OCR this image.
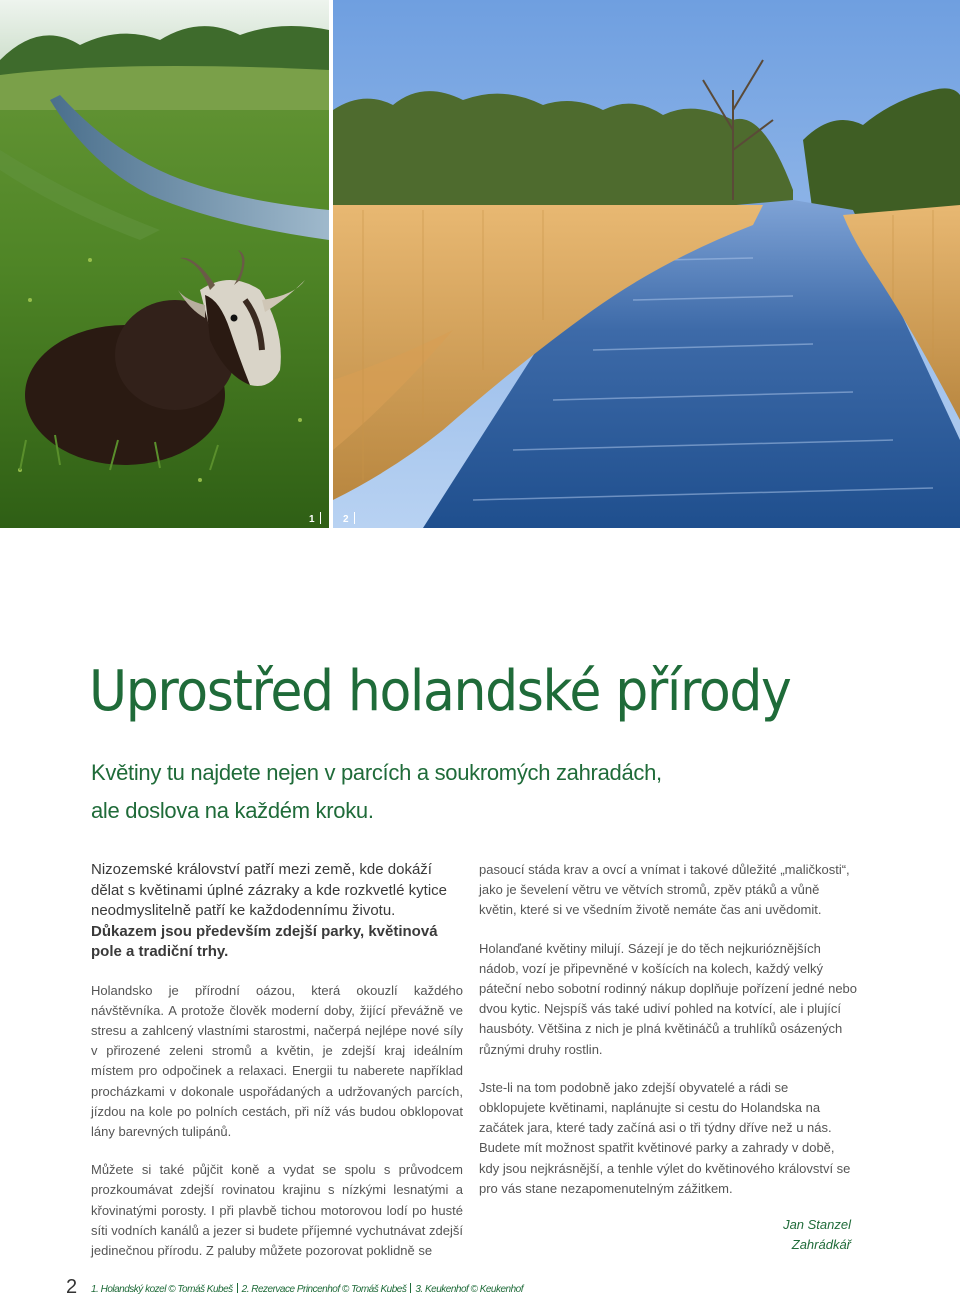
1	2
Uprostřed holandské přírody
Květiny tu najdete nejen v parcích a soukromých zahradách,
ale doslova na každém kroku.

Nizozemské království patří mezi země, kde dokáží dělat s květinami úplné zázraky a kde rozkvetlé kytice neodmyslitelně patří ke každodennímu životu. Důkazem jsou především zdejší parky, květinová pole a tradiční trhy.

Holandsko je přírodní oázou, která okouzlí každého návštěvníka. A protože člověk moderní doby, žijící převážně ve stresu a zahlcený vlastními starostmi, načerpá nejlépe nové síly v přirozené zeleni stromů a květin, je zdejší kraj ideálním místem pro odpočinek a relaxaci. Energii tu naberete například procházkami v dokonale uspořádaných a udržovaných parcích, jízdou na kole po polních cestách, při níž vás budou obklopovat lány barevných tulipánů.

Můžete si také půjčit koně a vydat se spolu s průvodcem prozkoumávat zdejší rovinatou krajinu s nízkými lesnatými a křovinatými porosty. I při plavbě tichou motorovou lodí po husté síti vodních kanálů a jezer si budete příjemné vychutnávat zdejší jedinečnou přírodu. Z paluby můžete pozorovat poklidně se

pasoucí stáda krav a ovcí a vnímat i takové důležité „maličkosti“, jako je ševelení větru ve větvích stromů, zpěv ptáků a vůně květin, které si ve všedním životě nemáte čas ani uvědomit.

Holanďané květiny milují. Sázejí je do těch nejkurióznějších nádob, vozí je připevněné v košících na kolech, každý velký páteční nebo sobotní rodinný nákup doplňuje pořízení jedné nebo dvou kytic. Nejspíš vás také udiví pohled na kotvící, ale i plující hausbóty. Většina z nich je plná květináčů a truhlíků osázených různými druhy rostlin.

Jste-li na tom podobně jako zdejší obyvatelé a rádi se obklopujete květinami, naplánujte si cestu do Holandska na začátek jara, které tady začíná asi o tři týdny dříve než u nás. Budete mít možnost spatřit květinové parky a zahrady v době, kdy jsou nejkrásnější, a tenhle výlet do květinového království se pro vás stane nezapomenutelným zážitkem.

Jan Stanzel
Zahrádkář
2 1. Holandský kozel © Tomáš Kubeš 2. Rezervace Princenhof © Tomáš Kubeš 3. Keukenhof © Keukenhof
